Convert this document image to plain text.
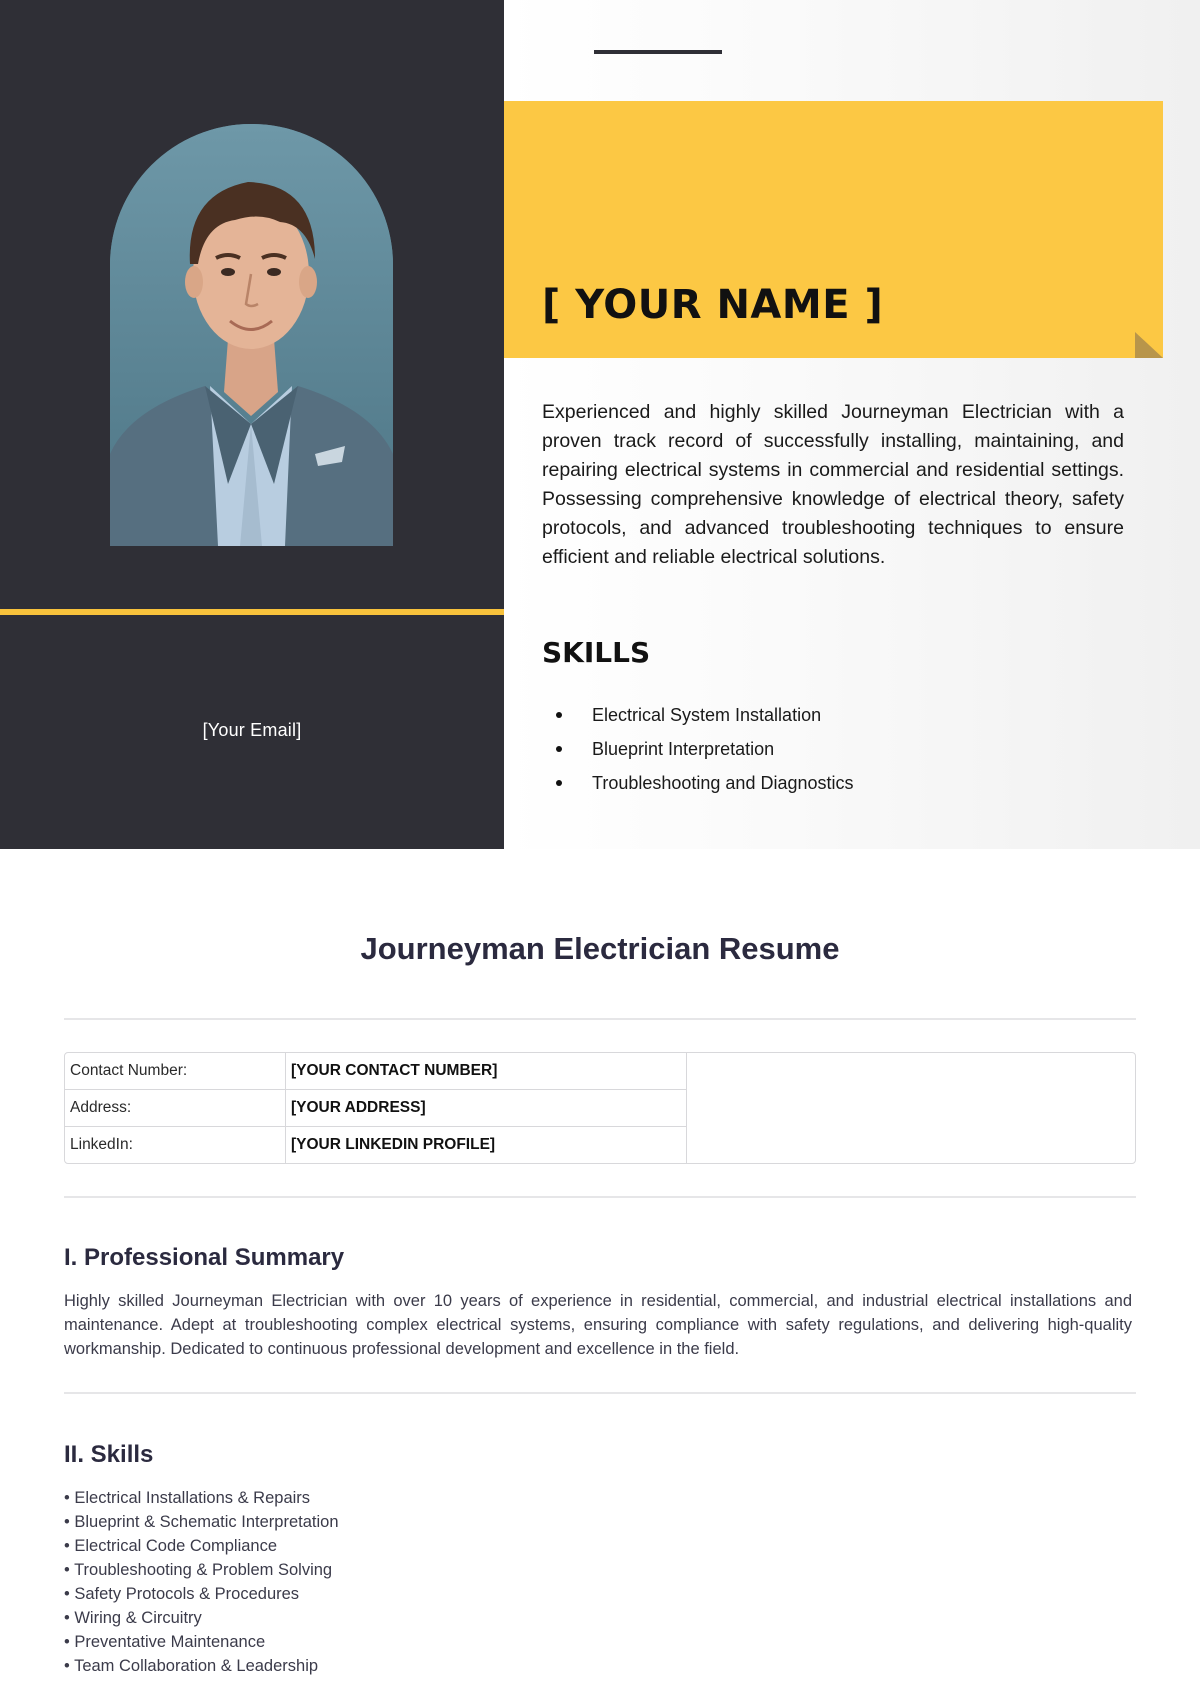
[Your Email]
[ YOUR NAME ]
Experienced and highly skilled Journeyman Electrician with a proven track record of successfully installing, maintaining, and repairing electrical systems in commercial and residential settings. Possessing comprehensive knowledge of electrical theory, safety protocols, and advanced troubleshooting techniques to ensure efficient and reliable electrical solutions.
SKILLS
Electrical System Installation
Blueprint Interpretation
Troubleshooting and Diagnostics
Journeyman Electrician Resume
Contact Number:	[YOUR CONTACT NUMBER]
Address:	[YOUR ADDRESS]
LinkedIn:	[YOUR LINKEDIN PROFILE]
I. Professional Summary
Highly skilled Journeyman Electrician with over 10 years of experience in residential, commercial, and industrial electrical installations and maintenance. Adept at troubleshooting complex electrical systems, ensuring compliance with safety regulations, and delivering high-quality workmanship. Dedicated to continuous professional development and excellence in the field.
II. Skills
• Electrical Installations & Repairs
• Blueprint & Schematic Interpretation
• Electrical Code Compliance
• Troubleshooting & Problem Solving
• Safety Protocols & Procedures
• Wiring & Circuitry
• Preventative Maintenance
• Team Collaboration & Leadership
